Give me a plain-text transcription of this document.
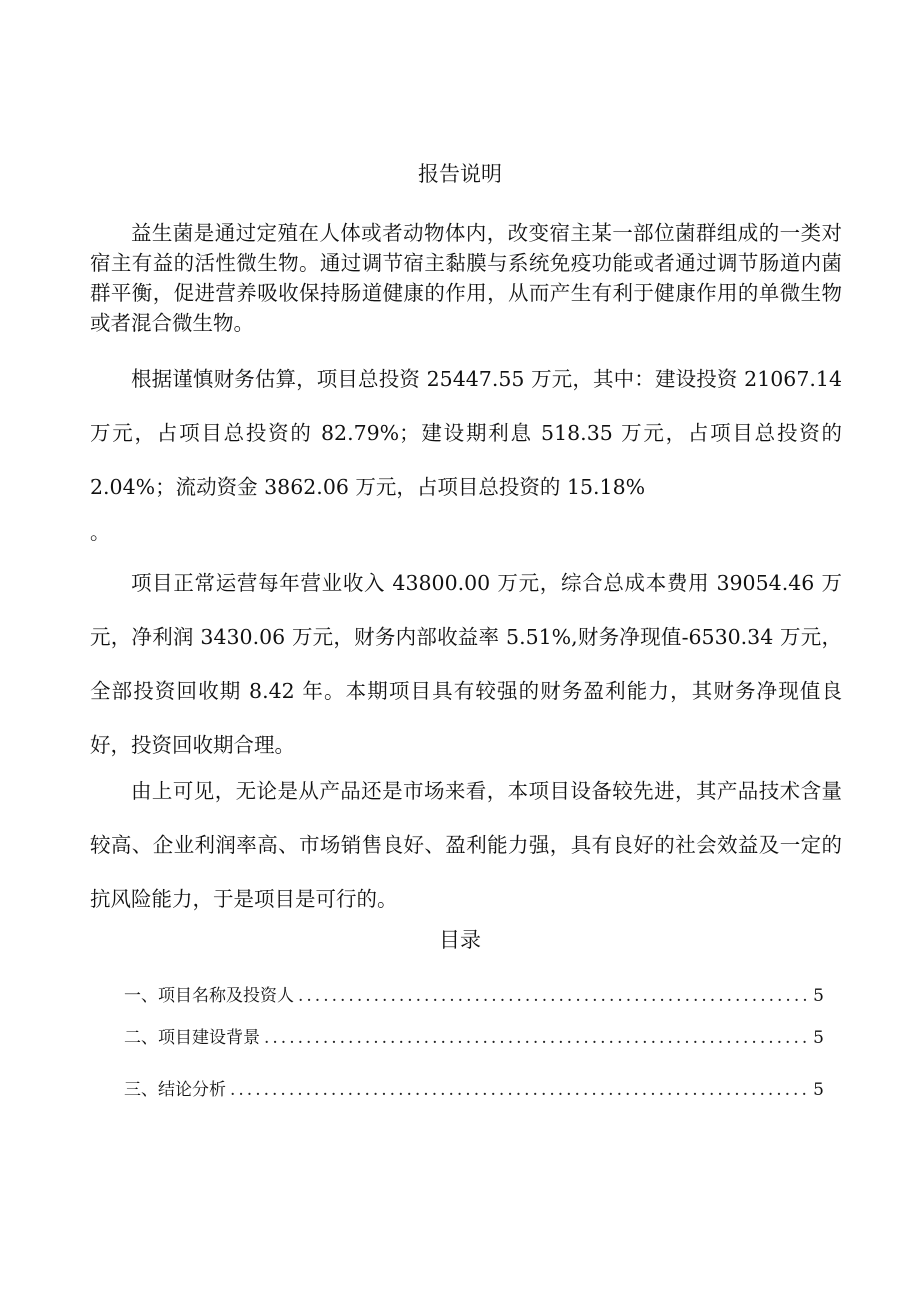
报告说明

益生菌是通过定殖在人体或者动物体内，改变宿主某一部位菌群组成的一类对宿主有益的活性微生物。通过调节宿主黏膜与系统免疫功能或者通过调节肠道内菌群平衡，促进营养吸收保持肠道健康的作用，从而产生有利于健康作用的单微生物或者混合微生物。

根据谨慎财务估算，项目总投资 25447.55 万元，其中：建设投资 21067.14 万元，占项目总投资的 82.79%；建设期利息 518.35 万元，占项目总投资的 2.04%；流动资金 3862.06 万元，占项目总投资的 15.18%

。

项目正常运营每年营业收入 43800.00 万元，综合总成本费用 39054.46 万元，净利润 3430.06 万元，财务内部收益率 5.51%,财务净现值-6530.34 万元，全部投资回收期 8.42 年。本期项目具有较强的财务盈利能力，其财务净现值良好，投资回收期合理。

由上可见，无论是从产品还是市场来看，本项目设备较先进，其产品技术含量较高、企业利润率高、市场销售良好、盈利能力强，具有良好的社会效益及一定的抗风险能力，于是项目是可行的。

目录
一、项目名称及投资人 .....	5
二、项目建设背景 .....	5
三、结论分析 .....	5
